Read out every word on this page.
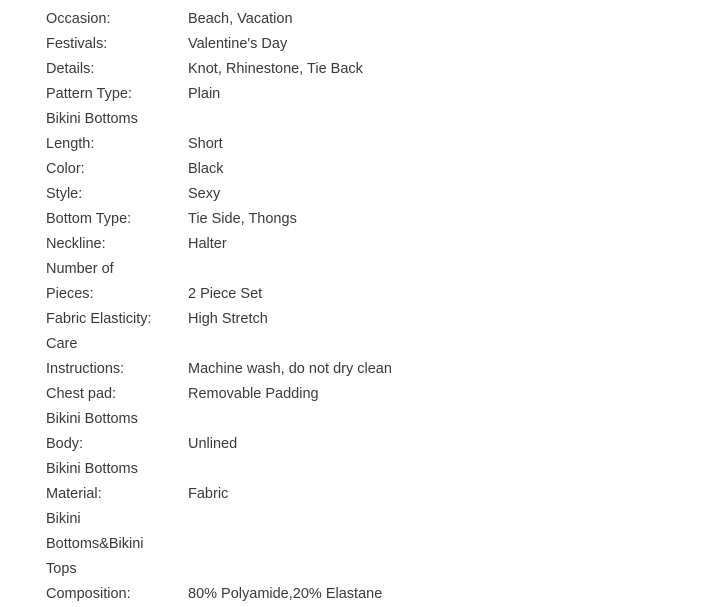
Occasion:	Beach, Vacation
Festivals:	Valentine's Day
Details:	Knot, Rhinestone, Tie Back
Pattern Type:	Plain
Bikini Bottoms
Length:	Short
Color:	Black
Style:	Sexy
Bottom Type:	Tie Side, Thongs
Neckline:	Halter
Number of
Pieces:	2 Piece Set
Fabric Elasticity:	High Stretch
Care
Instructions:	Machine wash, do not dry clean
Chest pad:	Removable Padding
Bikini Bottoms
Body:	Unlined
Bikini Bottoms
Material:	Fabric
Bikini
Bottoms&Bikini
Tops
Composition:	80% Polyamide,20% Elastane
